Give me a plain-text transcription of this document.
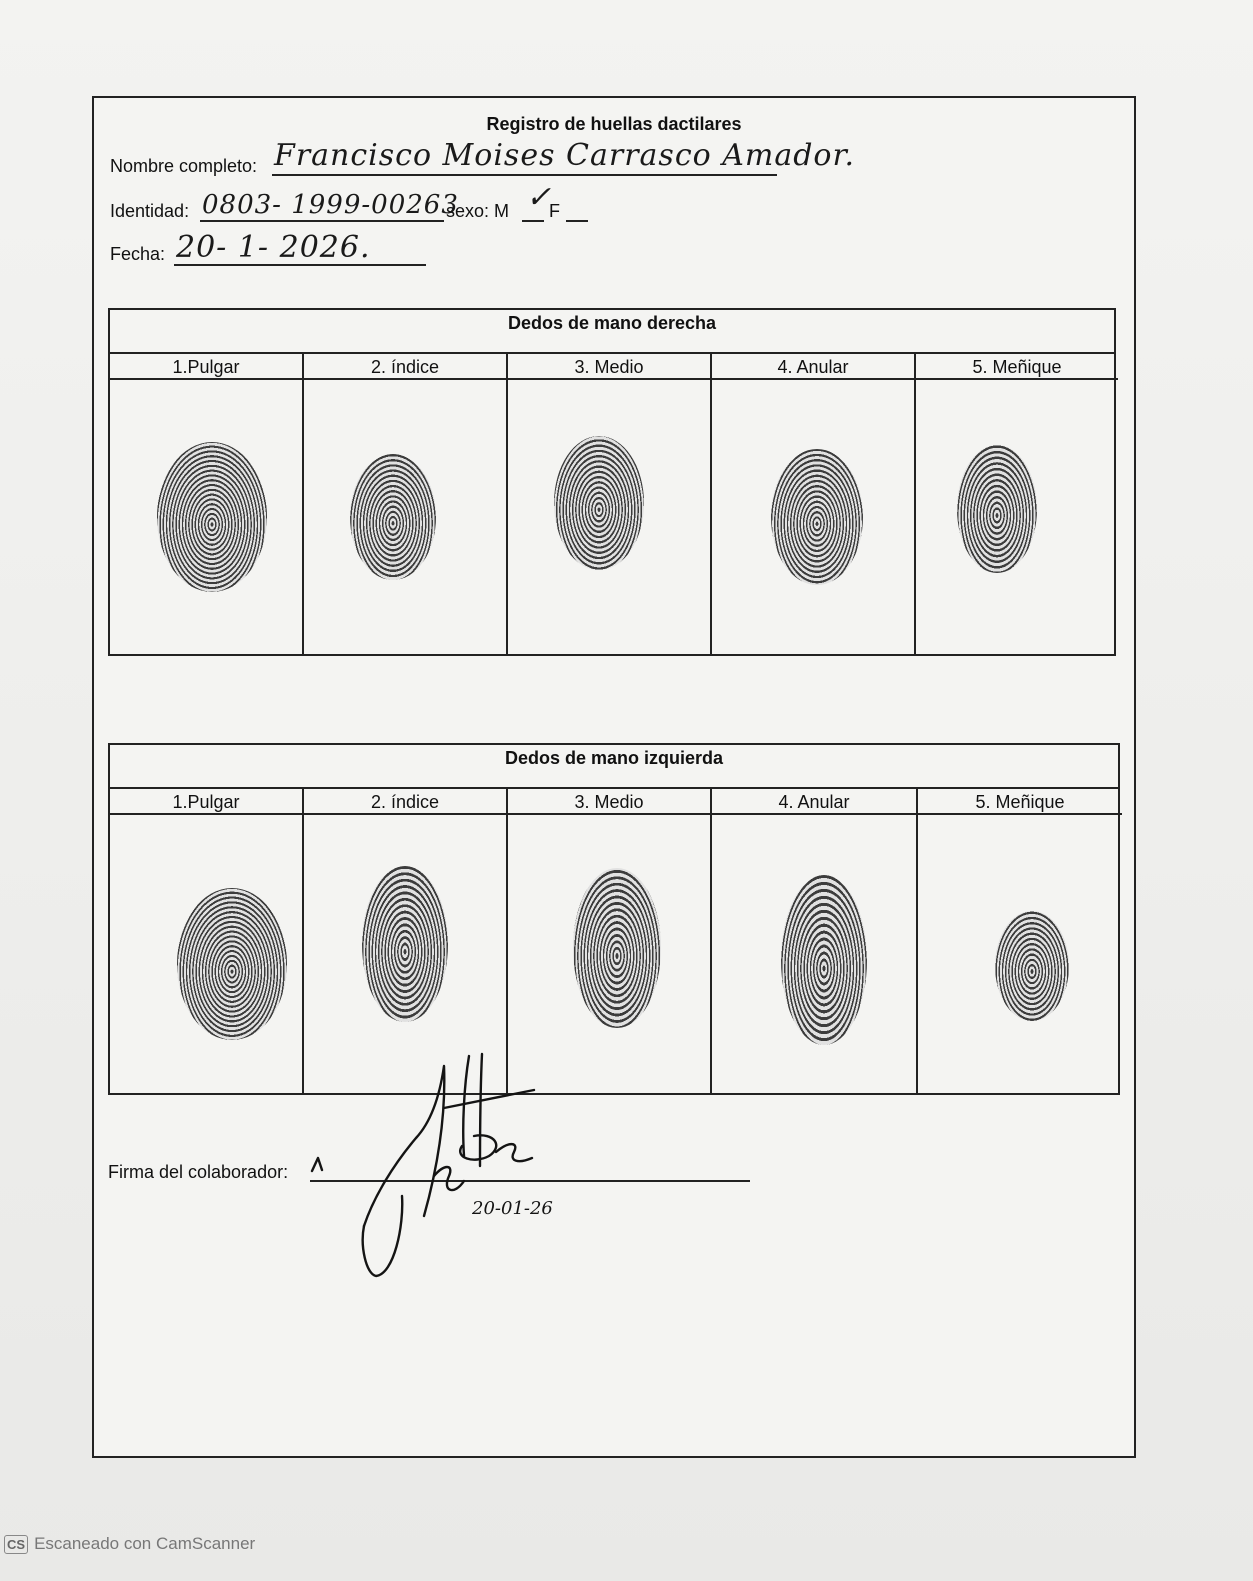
Registro de huellas dactilares
Nombre completo: Francisco Moises Carrasco Amador.
Identidad: 0803- 1999-00263
sexo: M ✓
F
Fecha: 20- 1- 2026.
Dedos de mano derecha
1.Pulgar	2. índice	3. Medio	4. Anular	5. Meñique
Dedos de mano izquierda
1.Pulgar	2. índice	3. Medio	4. Anular	5. Meñique
Firma del colaborador:
20-01-26
CS Escaneado con CamScanner
